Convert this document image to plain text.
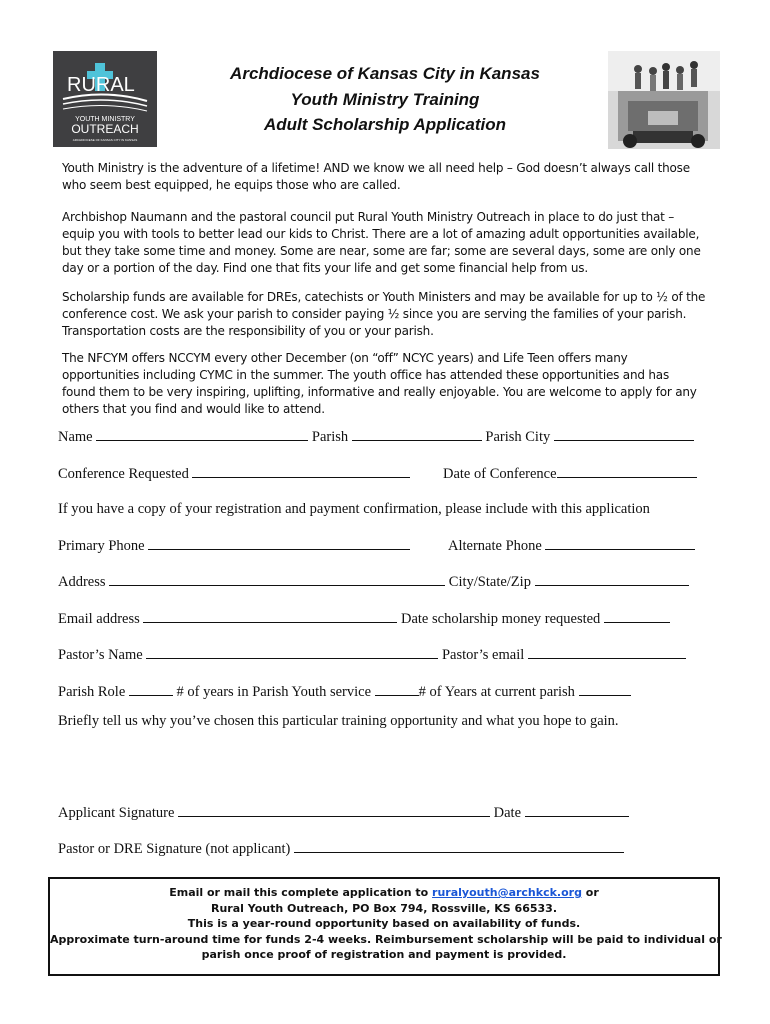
RURAL
YOUTH MINISTRY
OUTREACH
ARCHDIOCESE OF KANSAS CITY IN KANSAS
Archdiocese of Kansas City in Kansas
Youth Ministry Training
Adult Scholarship Application
Youth Ministry is the adventure of a lifetime! AND we know we all need help – God doesn’t always call those
who seem best equipped, he equips those who are called.
Archbishop Naumann and the pastoral council put Rural Youth Ministry Outreach in place to do just that –
equip you with tools to better lead our kids to Christ. There are a lot of amazing adult opportunities available,
but they take some time and money. Some are near, some are far; some are several days, some are only one
day or a portion of the day. Find one that fits your life and get some financial help from us.
Scholarship funds are available for DREs, catechists or Youth Ministers and may be available for up to ½ of the
conference cost. We ask your parish to consider paying ½ since you are serving the families of your parish.
Transportation costs are the responsibility of you or your parish.
The NFCYM offers NCCYM every other December (on “off” NCYC years) and Life Teen offers many
opportunities including CYMC in the summer. The youth office has attended these opportunities and has
found them to be very inspiring, uplifting, informative and really enjoyable. You are welcome to apply for any
others that you find and would like to attend.
Name	Parish	Parish City
Conference Requested	Date of Conference
If you have a copy of your registration and payment confirmation, please include with this application
Primary Phone	Alternate Phone
Address	City/State/Zip
Email address	Date scholarship money requested
Pastor’s Name	Pastor’s email
Parish Role	# of years in Parish Youth service	# of Years at current parish
Briefly tell us why you’ve chosen this particular training opportunity and what you hope to gain.
Applicant Signature	Date
Pastor or DRE Signature (not applicant)
Email or mail this complete application to ruralyouth@archkck.org or
Rural Youth Outreach, PO Box 794, Rossville, KS 66533.
This is a year-round opportunity based on availability of funds.
Approximate turn-around time for funds 2-4 weeks. Reimbursement scholarship will be paid to individual or
parish once proof of registration and payment is provided.
